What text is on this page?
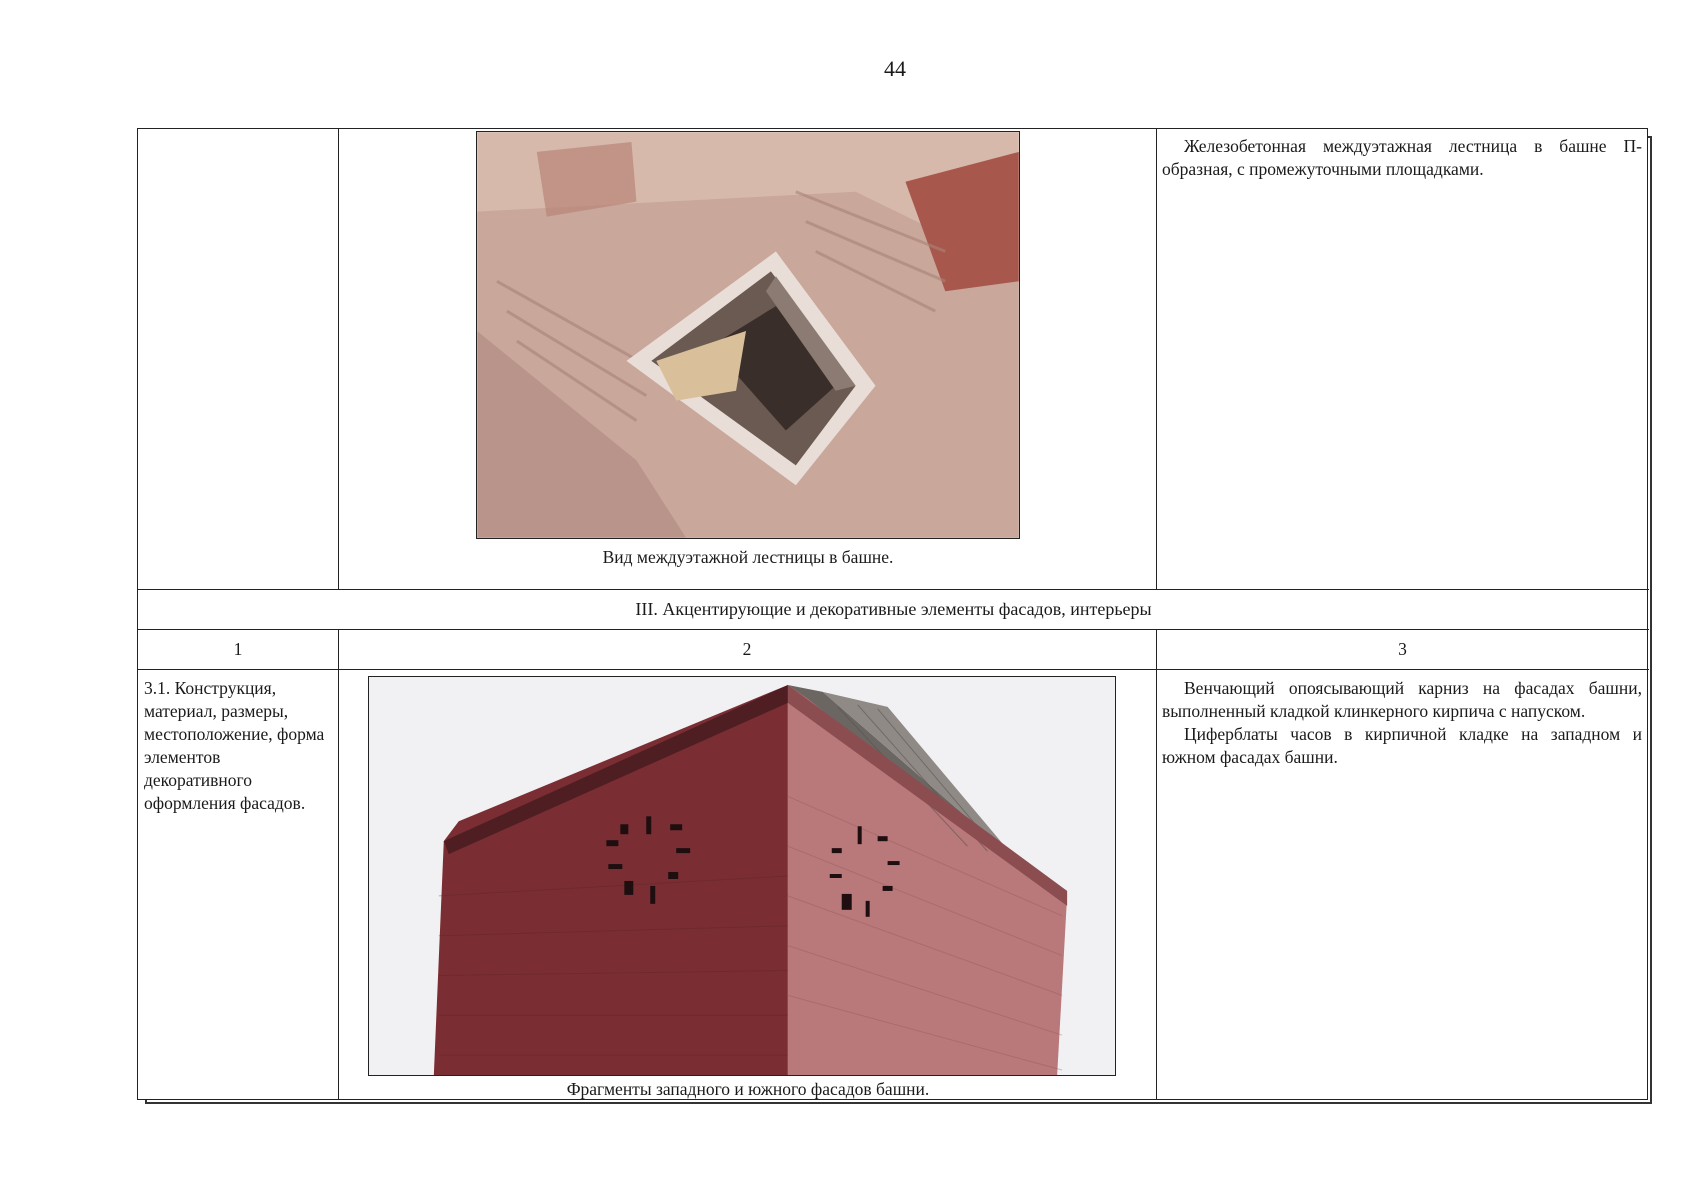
44
Вид междуэтажной лестницы в башне.

Железобетонная междуэтажная лестница в башне П-образная, с промежуточными площадками.

III. Акцентирующие и декоративные элементы фасадов, интерьеры
1	2	3
3.1. Конструкция, материал, размеры, местоположение, форма элементов декоративного оформления фасадов.
Фрагменты западного и южного фасадов башни.

Венчающий опоясывающий карниз на фасадах башни, выполненный кладкой клинкерного кирпича с напуском.

Циферблаты часов в кирпичной кладке на западном и южном фасадах башни.
